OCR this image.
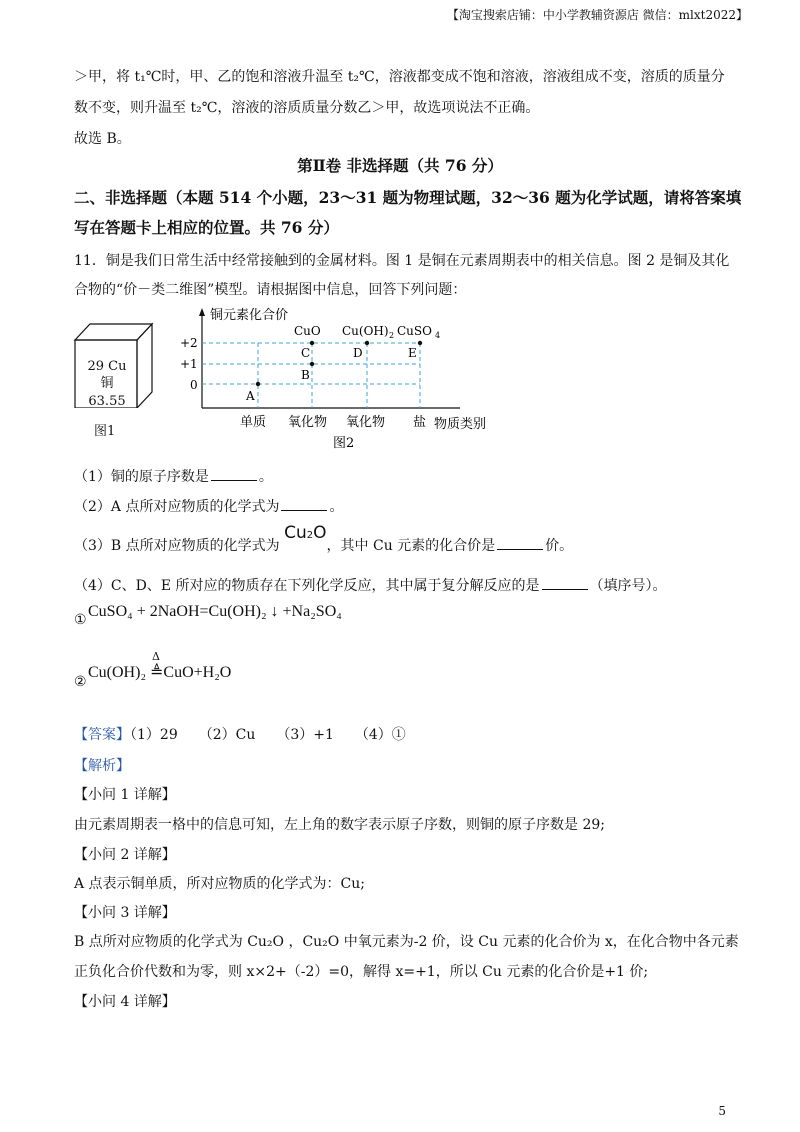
【淘宝搜索店铺：中小学教辅资源店 微信：mlxt2022】
＞甲，将 t₁℃时，甲、乙的饱和溶液升温至 t₂℃，溶液都变成不饱和溶液，溶液组成不变，溶质的质量分
数不变，则升温至 t₂℃，溶液的溶质质量分数乙＞甲，故选项说法不正确。
故选 B。
第Ⅱ卷 非选择题（共 76 分）
二、非选择题（本题 514 个小题，23～31 题为物理试题，32～36 题为化学试题，请将答案填
写在答题卡上相应的位置。共 76 分）
11．铜是我们日常生活中经常接触到的金属材料。图 1 是铜在元素周期表中的相关信息。图 2 是铜及其化
合物的“价－类二维图”模型。请根据图中信息，回答下列问题：
29 Cu
铜
63.55
图1
铜元素化合价
+2
+1
0
CuO Cu(OH) 2 CuSO 4
A
B
C	D	E
单质 氧化物 氧化物 盐 物质类别
图2
（1）铜的原子序数是	。
（2）A 点所对应物质的化学式为	。
（3）B 点所对应物质的化学式为 Cu2O，其中 Cu 元素的化合价是	价。
（4）C、D、E 所对应的物质存在下列化学反应，其中属于复分解反应的是	（填序号）。
① CuSO₄ + 2NaOH=Cu(OH)₂ ↓ +Na₂SO₄
②
Δ
Cu(OH)₂ ≜CuO+H₂O
【答案】（1）29　　（2）Cu　　（3）+1　　（4）①
【解析】
【小问 1 详解】
由元素周期表一格中的信息可知，左上角的数字表示原子序数，则铜的原子序数是 29;
【小问 2 详解】
A 点表示铜单质，所对应物质的化学式为：Cu;
【小问 3 详解】
B 点所对应物质的化学式为 Cu₂O ，Cu₂O 中氧元素为-2 价，设 Cu 元素的化合价为 x，在化合物中各元素
正负化合价代数和为零，则 x×2+（-2）=0，解得 x=+1，所以 Cu 元素的化合价是+1 价;
【小问 4 详解】
5
